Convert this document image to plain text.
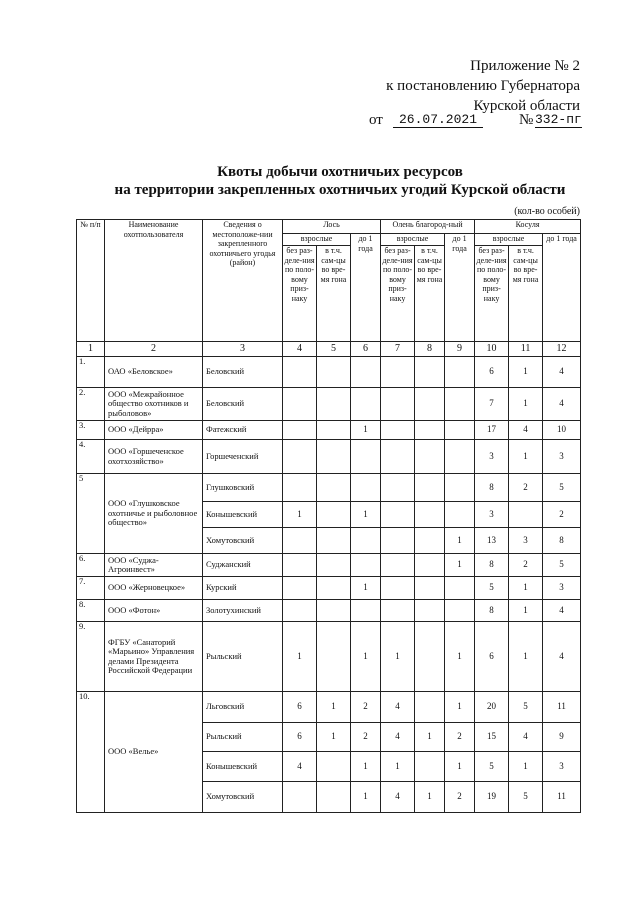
Приложение № 2
к постановлению Губернатора
Курской области
от	26.07.2021	№ 332-пг
Квоты добычи охотничьих ресурсов
на территории закрепленных охотничьих угодий Курской области
(кол-во особей)
№ п/п	Наименование охотпользователя	Сведения о местоположе-нии закрепленного охотничьего угодья (район)	Лось			Олень благород-ный			Косуля		
			взрослые		до 1 года	взрослые		до 1 года	взрослые		до 1 года
			без раз-деле-ния по поло-вому приз-наку	в т.ч. сам-цы во вре-мя гона		без раз-деле-ния по поло-вому приз-наку	в т.ч. сам-цы во вре-мя гона		без раз-деле-ния по поло-вому приз-наку	в т.ч. сам-цы во вре-мя гона	
1	2	3	4	5	6	7	8	9	10	11	12
1.	ОАО «Беловское»	Беловский							6	1	4
2.	ООО «Межрайонное общество охотников и рыболовов»	Беловский							7	1	4
3.	ООО «Дейрра»	Фатежский			1				17	4	10
4.	ООО «Горшеченское охотхозяйство»	Горшеченский							3	1	3
5	ООО «Глушковское охотничье и рыболовное общество»	Глушковский							8	2	5
		Конышевский	1		1				3		2
		Хомутовский						1	13	3	8
6.	ООО «Суджа-Агроинвест»	Суджанский						1	8	2	5
7.	ООО «Жерновецкое»	Курский			1				5	1	3
8.	ООО «Фотон»	Золотухинский							8	1	4
9.	ФГБУ «Санаторий «Марьино» Управления делами Президента Российской Федерации	Рыльский	1		1	1		1	6	1	4
10.	ООО «Велье»	Льговский	6	1	2	4		1	20	5	11
		Рыльский	6	1	2	4	1	2	15	4	9
		Конышевский	4		1	1		1	5	1	3
		Хомутовский			1	4	1	2	19	5	11
